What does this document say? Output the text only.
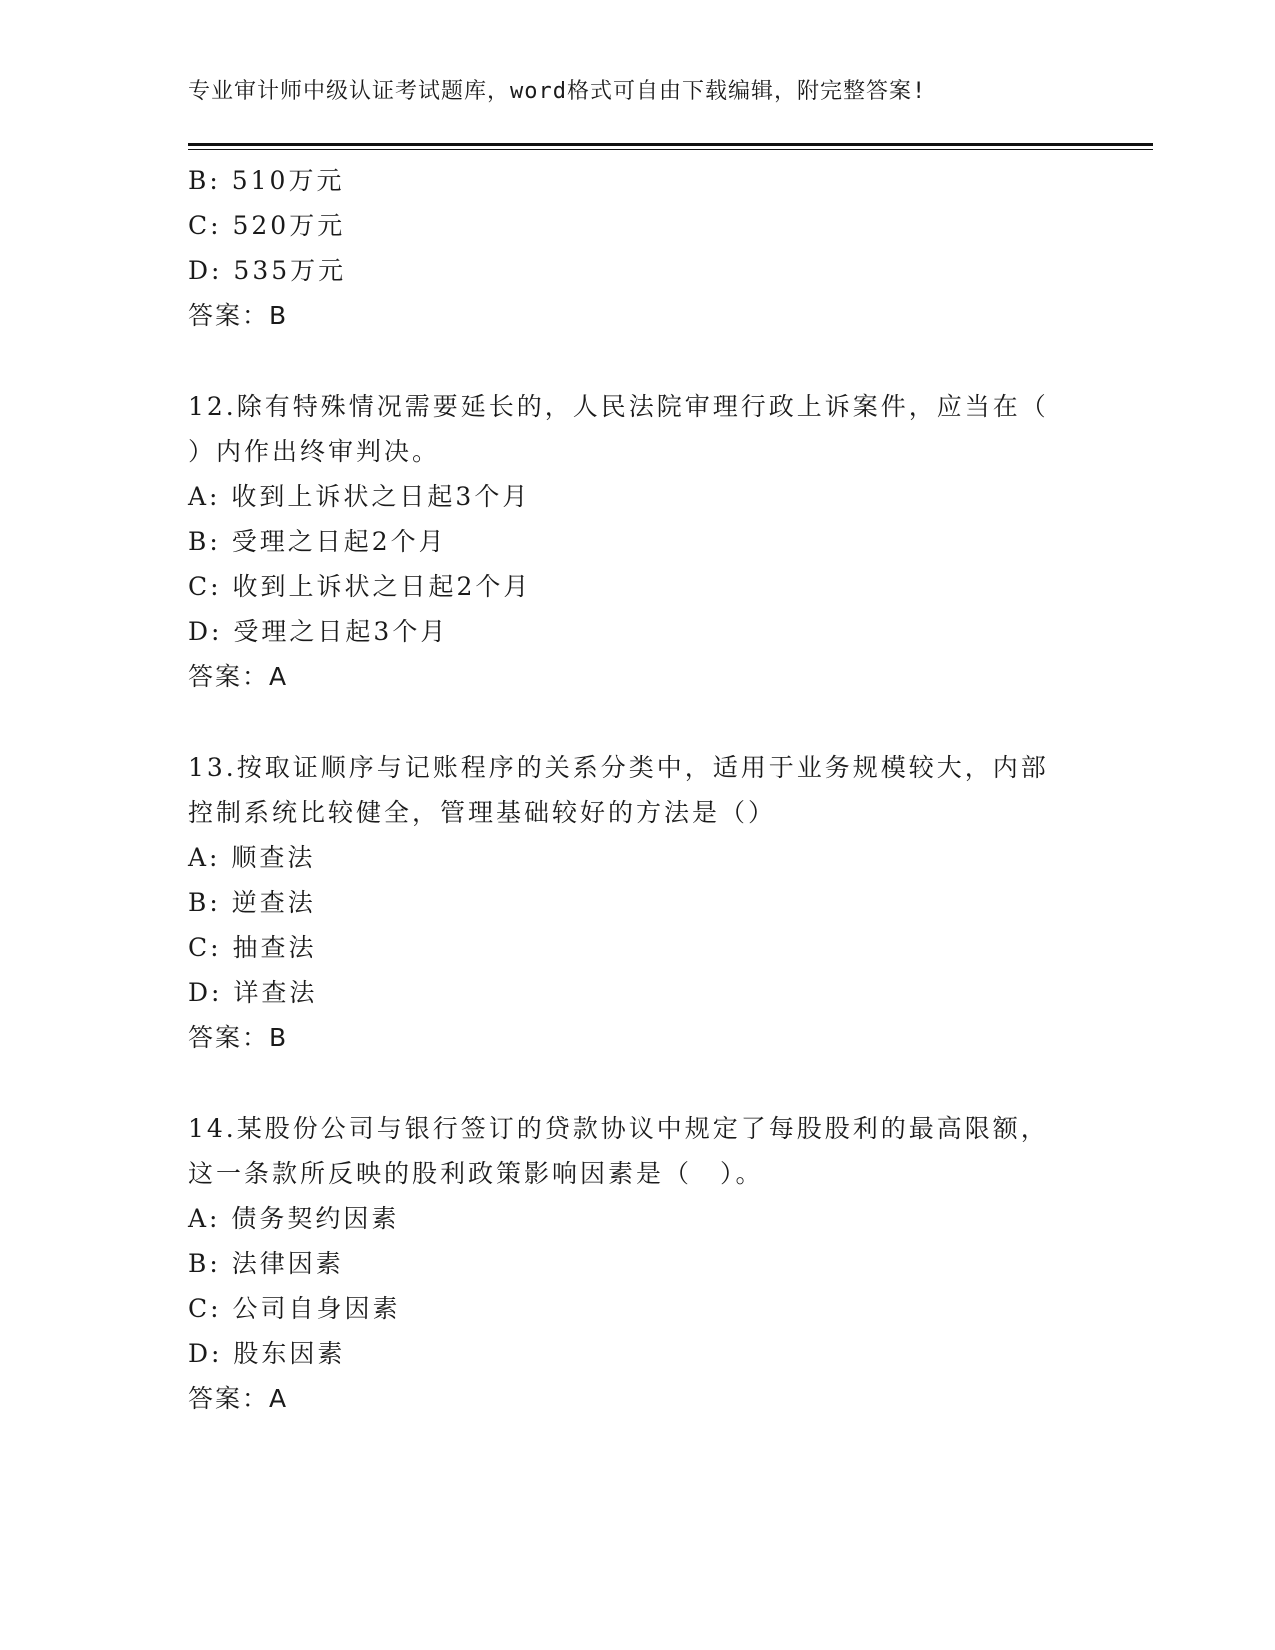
专业审计师中级认证考试题库，word格式可自由下载编辑，附完整答案!
B: 510万元
C: 520万元
D: 535万元
答案：B
12.除有特殊情况需要延长的，人民法院审理行政上诉案件，应当在（
）内作出终审判决。
A: 收到上诉状之日起3个月
B: 受理之日起2个月
C: 收到上诉状之日起2个月
D: 受理之日起3个月
答案：A
13.按取证顺序与记账程序的关系分类中，适用于业务规模较大，内部
控制系统比较健全，管理基础较好的方法是（）
A: 顺查法
B: 逆查法
C: 抽查法
D: 详查法
答案：B
14.某股份公司与银行签订的贷款协议中规定了每股股利的最高限额，
这一条款所反映的股利政策影响因素是（　）。
A: 债务契约因素
B: 法律因素
C: 公司自身因素
D: 股东因素
答案：A
